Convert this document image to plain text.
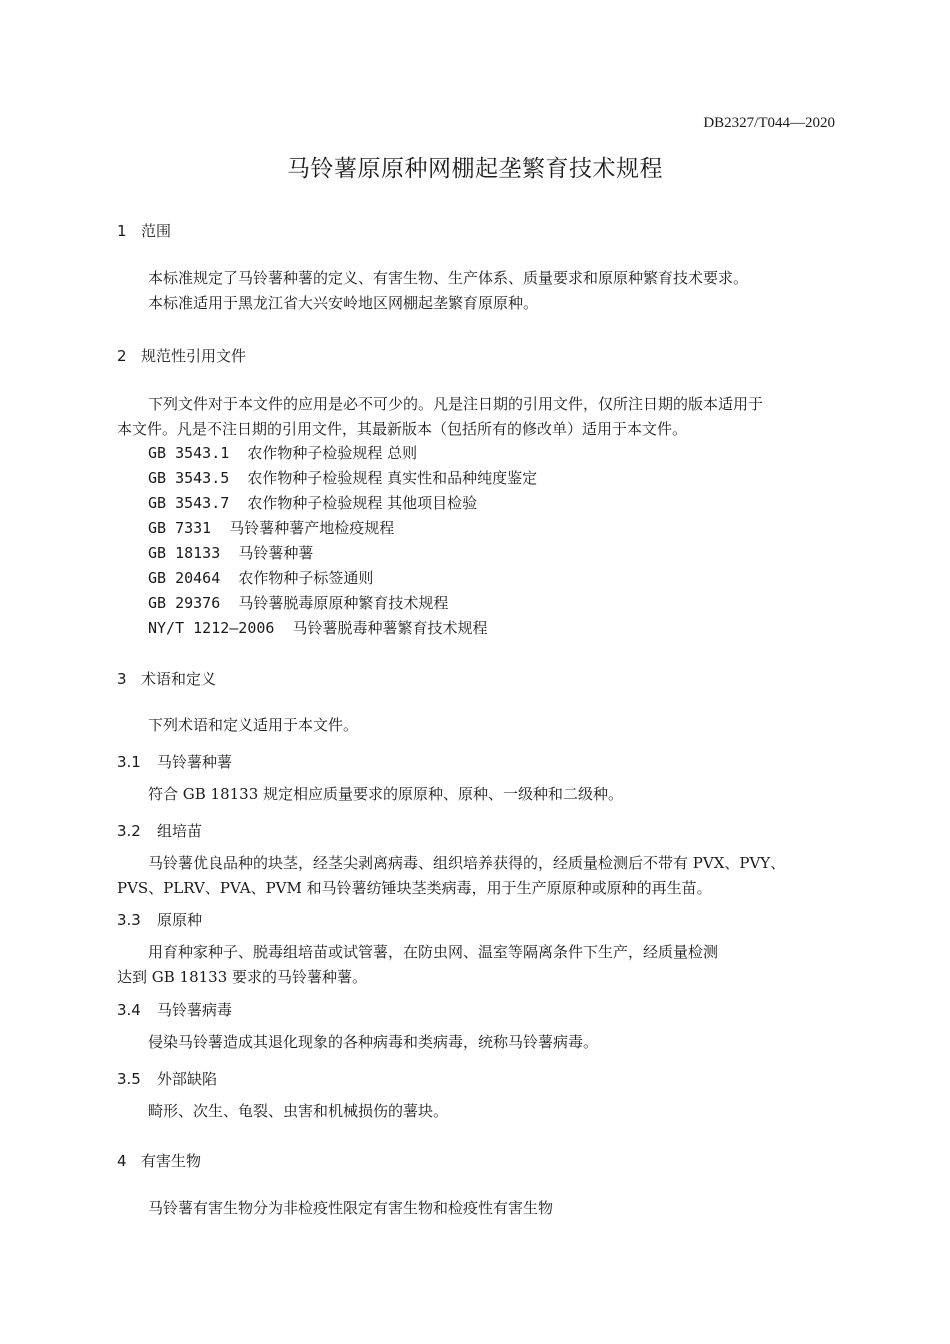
DB2327/T044—2020
马铃薯原原种网棚起垄繁育技术规程
1 范围
本标准规定了马铃薯种薯的定义、有害生物、生产体系、质量要求和原原种繁育技术要求。
本标准适用于黑龙江省大兴安岭地区网棚起垄繁育原原种。
2 规范性引用文件
下列文件对于本文件的应用是必不可少的。凡是注日期的引用文件，仅所注日期的版本适用于
本文件。凡是不注日期的引用文件，其最新版本（包括所有的修改单）适用于本文件。
GB 3543.1 农作物种子检验规程 总则
GB 3543.5 农作物种子检验规程 真实性和品种纯度鉴定
GB 3543.7 农作物种子检验规程 其他项目检验
GB 7331 马铃薯种薯产地检疫规程
GB 18133 马铃薯种薯
GB 20464 农作物种子标签通则
GB 29376 马铃薯脱毒原原种繁育技术规程
NY/T 1212—2006 马铃薯脱毒种薯繁育技术规程
3 术语和定义
下列术语和定义适用于本文件。
3.1 马铃薯种薯
符合 GB 18133 规定相应质量要求的原原种、原种、一级种和二级种。
3.2 组培苗
马铃薯优良品种的块茎，经茎尖剥离病毒、组织培养获得的，经质量检测后不带有 PVX、PVY、
PVS、PLRV、PVA、PVM 和马铃薯纺锤块茎类病毒，用于生产原原种或原种的再生苗。
3.3 原原种
用育种家种子、脱毒组培苗或试管薯，在防虫网、温室等隔离条件下生产，经质量检测
达到 GB 18133 要求的马铃薯种薯。
3.4 马铃薯病毒
侵染马铃薯造成其退化现象的各种病毒和类病毒，统称马铃薯病毒。
3.5 外部缺陷
畸形、次生、龟裂、虫害和机械损伤的薯块。
4 有害生物
马铃薯有害生物分为非检疫性限定有害生物和检疫性有害生物
